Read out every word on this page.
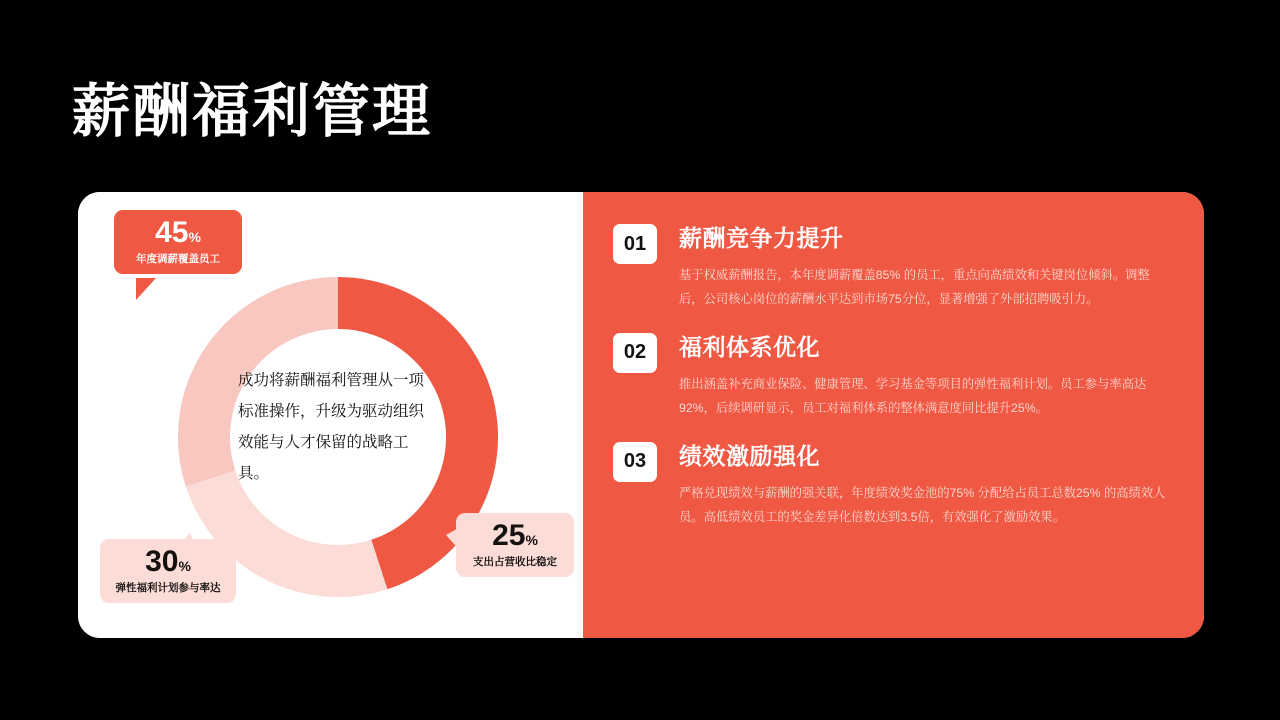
薪酬福利管理
成功将薪酬福利管理从一项标准操作，升级为驱动组织效能与人才保留的战略工具。
45%
年度调薪覆盖员工
30%
弹性福利计划参与率达
25%
支出占营收比稳定
01	薪酬竞争力提升
基于权威薪酬报告，本年度调薪覆盖85% 的员工，重点向高绩效和关键岗位倾斜。调整后，公司核心岗位的薪酬水平达到市场75分位，显著增强了外部招聘吸引力。
02	福利体系优化
推出涵盖补充商业保险、健康管理、学习基金等项目的弹性福利计划。员工参与率高达92%，后续调研显示，员工对福利体系的整体满意度同比提升25%。
03	绩效激励强化
严格兑现绩效与薪酬的强关联，年度绩效奖金池的75% 分配给占员工总数25% 的高绩效人员。高低绩效员工的奖金差异化倍数达到3.5倍，有效强化了激励效果。
